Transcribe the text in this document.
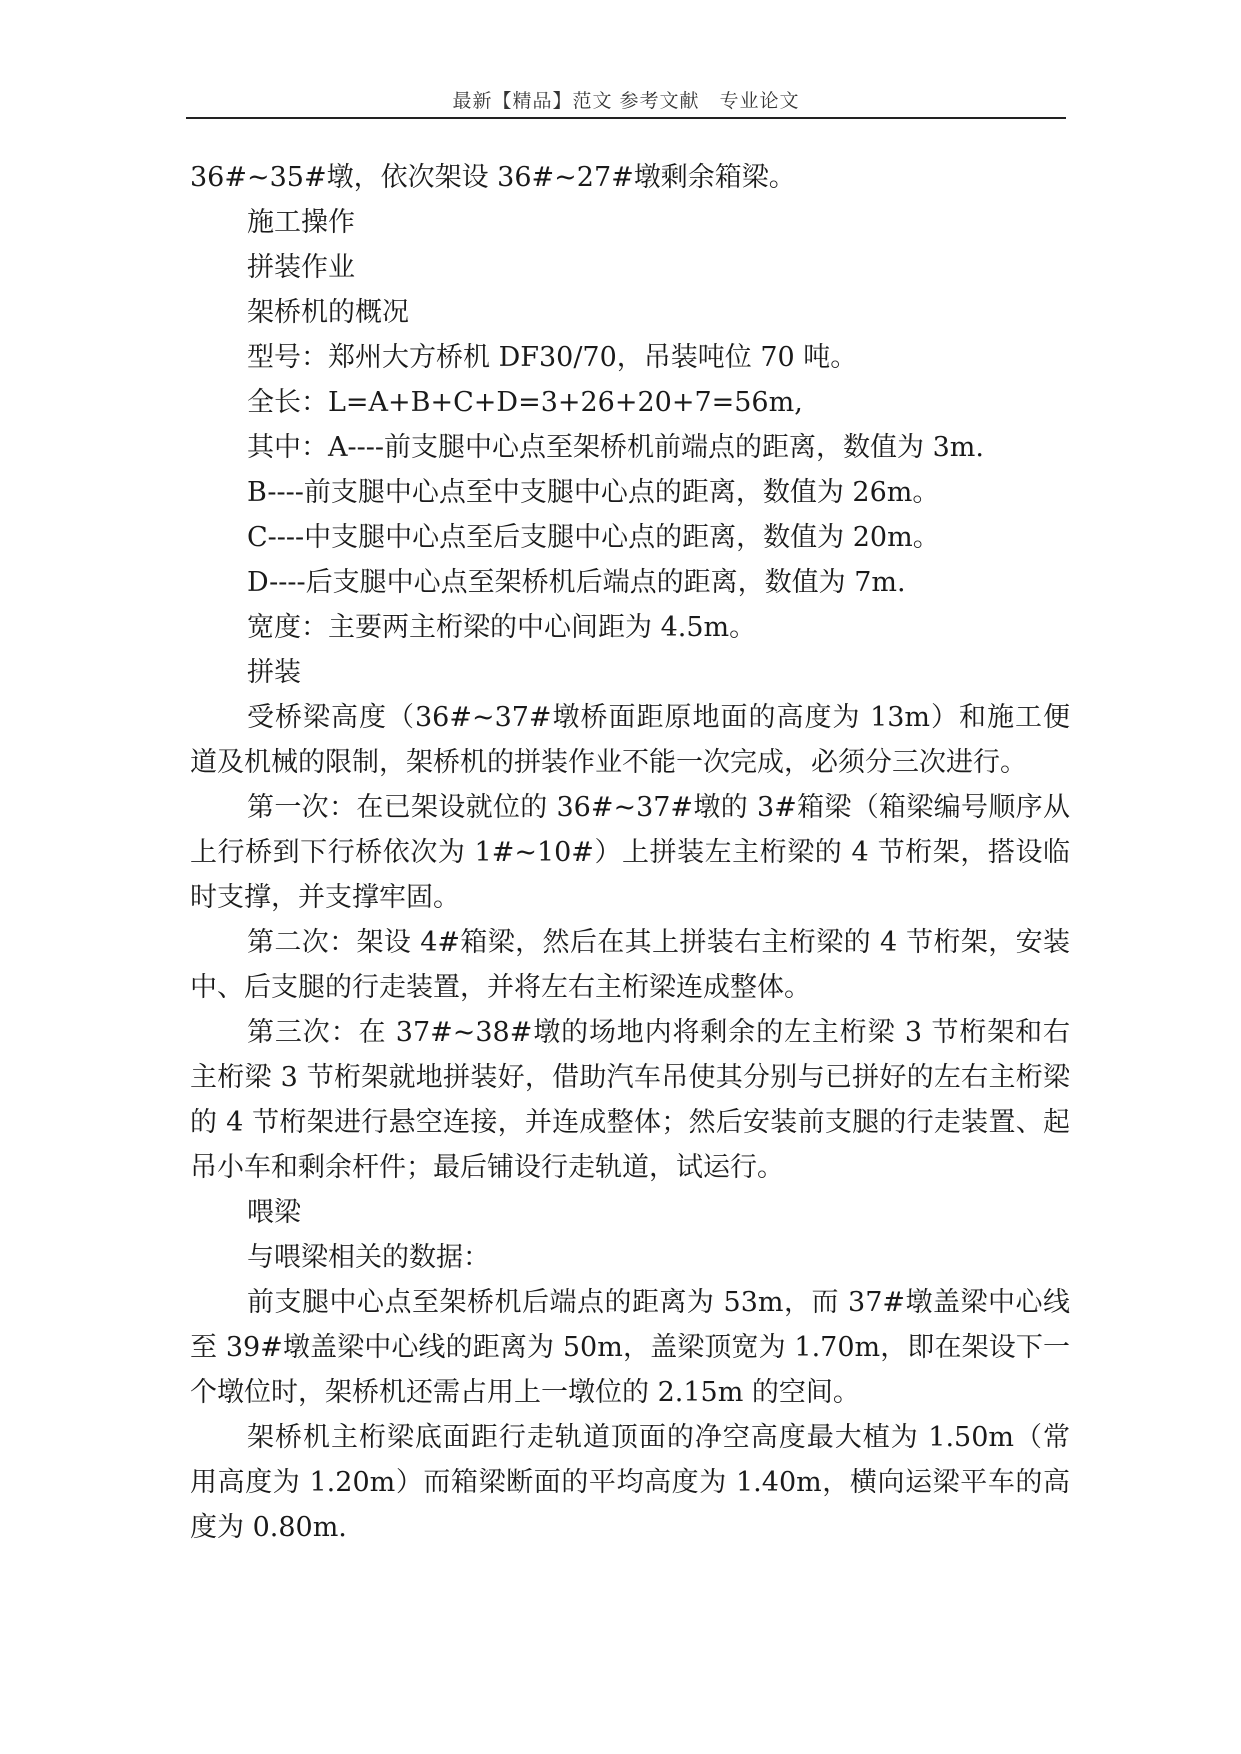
最新【精品】范文 参考文献　专业论文

36#~35#墩，依次架设 36#~27#墩剩余箱梁。

施工操作

拼装作业

架桥机的概况

型号：郑州大方桥机 DF30/70，吊装吨位 70 吨。

全长：L=A+B+C+D=3+26+20+7=56m,

其中：A----前支腿中心点至架桥机前端点的距离，数值为 3m.

B----前支腿中心点至中支腿中心点的距离，数值为 26m。

C----中支腿中心点至后支腿中心点的距离，数值为 20m。

D----后支腿中心点至架桥机后端点的距离，数值为 7m.

宽度：主要两主桁梁的中心间距为 4.5m。

拼装

受桥梁高度（36#~37#墩桥面距原地面的高度为 13m）和施工便道及机械的限制，架桥机的拼装作业不能一次完成，必须分三次进行。

第一次：在已架设就位的 36#~37#墩的 3#箱梁（箱梁编号顺序从上行桥到下行桥依次为 1#~10#）上拼装左主桁梁的 4 节桁架，搭设临时支撑，并支撑牢固。

第二次：架设 4#箱梁，然后在其上拼装右主桁梁的 4 节桁架，安装中、后支腿的行走装置，并将左右主桁梁连成整体。

第三次：在 37#~38#墩的场地内将剩余的左主桁梁 3 节桁架和右主桁梁 3 节桁架就地拼装好，借助汽车吊使其分别与已拼好的左右主桁梁的 4 节桁架进行悬空连接，并连成整体；然后安装前支腿的行走装置、起吊小车和剩余杆件；最后铺设行走轨道，试运行。

喂梁

与喂梁相关的数据：

前支腿中心点至架桥机后端点的距离为 53m，而 37#墩盖梁中心线至 39#墩盖梁中心线的距离为 50m，盖梁顶宽为 1.70m，即在架设下一个墩位时，架桥机还需占用上一墩位的 2.15m 的空间。

架桥机主桁梁底面距行走轨道顶面的净空高度最大植为 1.50m（常用高度为 1.20m）而箱梁断面的平均高度为 1.40m，横向运梁平车的高度为 0.80m.
